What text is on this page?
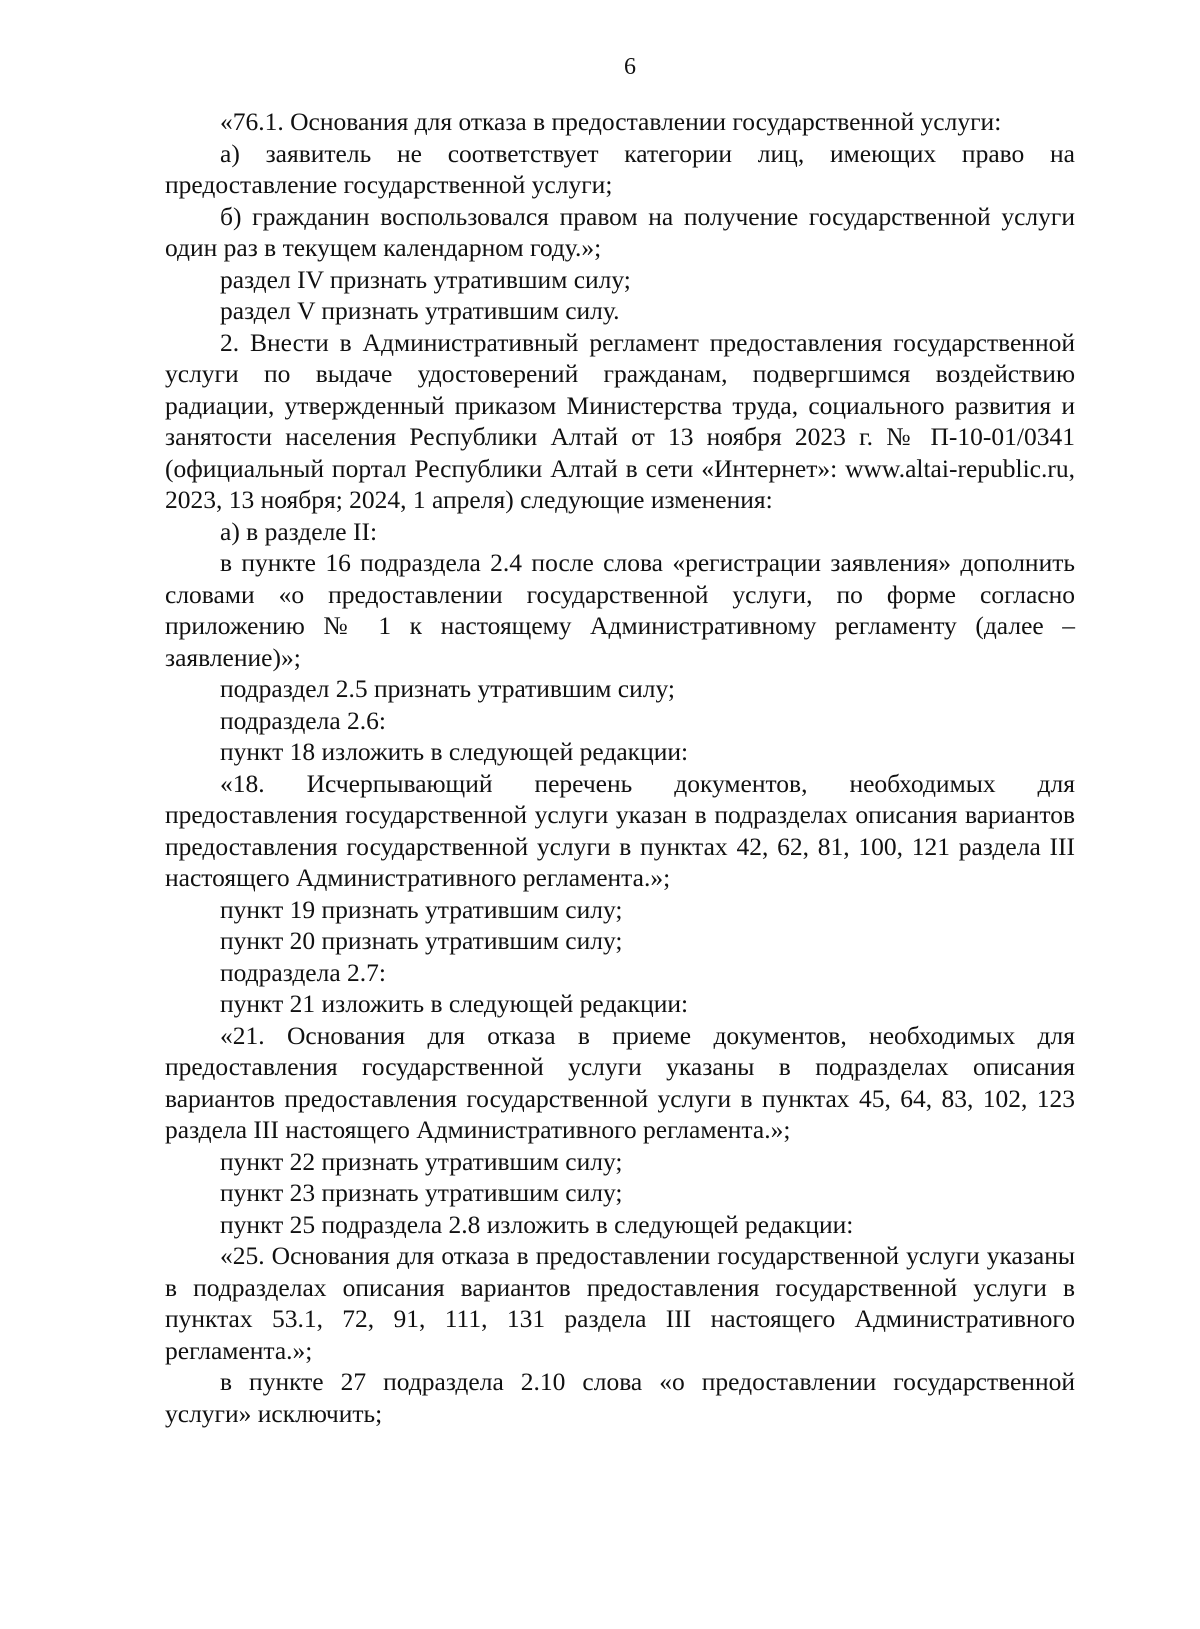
6

«76.1. Основания для отказа в предоставлении государственной услуги:

а) заявитель не соответствует категории лиц, имеющих право на предоставление государственной услуги;

б) гражданин воспользовался правом на получение государственной услуги один раз в текущем календарном году.»;

раздел IV признать утратившим силу;

раздел V признать утратившим силу.

2. Внести в Административный регламент предоставления государственной услуги по выдаче удостоверений гражданам, подвергшимся воздействию радиации, утвержденный приказом Министерства труда, социального развития и занятости населения Республики Алтай от 13 ноября 2023 г. № П-10-01/0341 (официальный портал Республики Алтай в сети «Интернет»: www.altai-republic.ru, 2023, 13 ноября; 2024, 1 апреля) следующие изменения:

а) в разделе II:

в пункте 16 подраздела 2.4 после слова «регистрации заявления» дополнить словами «о предоставлении государственной услуги, по форме согласно приложению № 1 к настоящему Административному регламенту (далее – заявление)»;

подраздел 2.5 признать утратившим силу;

подраздела 2.6:

пункт 18 изложить в следующей редакции:

«18. Исчерпывающий перечень документов, необходимых для предоставления государственной услуги указан в подразделах описания вариантов предоставления государственной услуги в пунктах 42, 62, 81, 100, 121 раздела III настоящего Административного регламента.»;

пункт 19 признать утратившим силу;

пункт 20 признать утратившим силу;

подраздела 2.7:

пункт 21 изложить в следующей редакции:

«21. Основания для отказа в приеме документов, необходимых для предоставления государственной услуги указаны в подразделах описания вариантов предоставления государственной услуги в пунктах 45, 64, 83, 102, 123 раздела III настоящего Административного регламента.»;

пункт 22 признать утратившим силу;

пункт 23 признать утратившим силу;

пункт 25 подраздела 2.8 изложить в следующей редакции:

«25. Основания для отказа в предоставлении государственной услуги указаны в подразделах описания вариантов предоставления государственной услуги в пунктах 53.1, 72, 91, 111, 131 раздела III настоящего Административного регламента.»;

в пункте 27 подраздела 2.10 слова «о предоставлении государственной услуги» исключить;
